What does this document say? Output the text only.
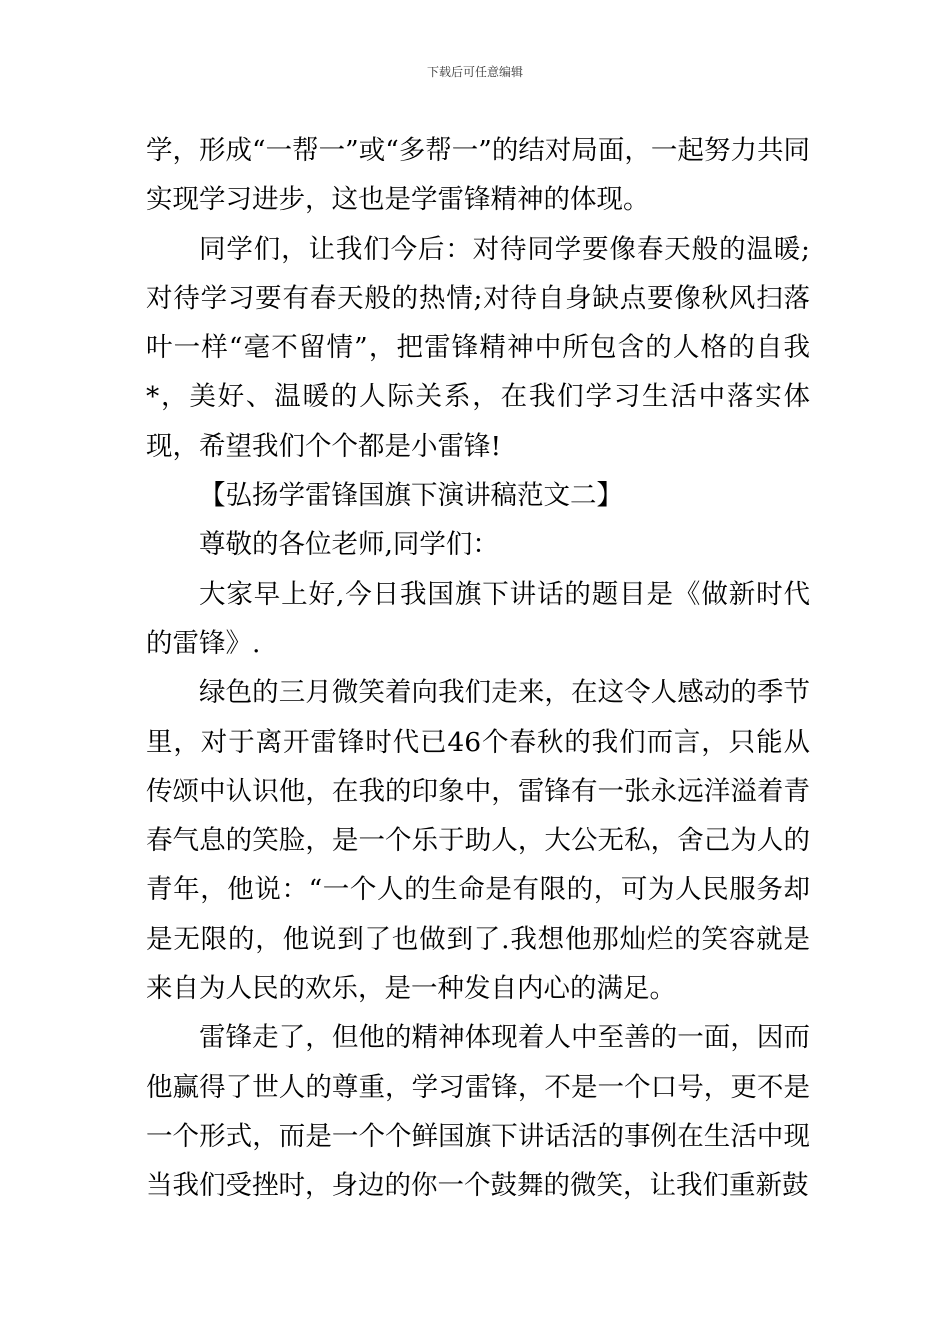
下载后可任意编辑

学，形成“一帮一”或“多帮一”的结对局面，一起努力共同实现学习进步，这也是学雷锋精神的体现。

同学们，让我们今后：对待同学要像春天般的温暖;对待学习要有春天般的热情;对待自身缺点要像秋风扫落叶一样“毫不留情”，把雷锋精神中所包含的人格的自我*，美好、温暖的人际关系，在我们学习生活中落实体现，希望我们个个都是小雷锋!

【弘扬学雷锋国旗下演讲稿范文二】

尊敬的各位老师,同学们：

大家早上好,今日我国旗下讲话的题目是《做新时代的雷锋》.

绿色的三月微笑着向我们走来，在这令人感动的季节里，对于离开雷锋时代已46个春秋的我们而言，只能从传颂中认识他，在我的印象中，雷锋有一张永远洋溢着青春气息的笑脸，是一个乐于助人，大公无私，舍己为人的青年，他说：“一个人的生命是有限的，可为人民服务却是无限的，他说到了也做到了.我想他那灿烂的笑容就是来自为人民的欢乐，是一种发自内心的满足。

雷锋走了，但他的精神体现着人中至善的一面，因而他赢得了世人的尊重，学习雷锋，不是一个口号，更不是一个形式，而是一个个鲜国旗下讲话活的事例在生活中现当我们受挫时，身边的你一个鼓舞的微笑，让我们重新鼓
